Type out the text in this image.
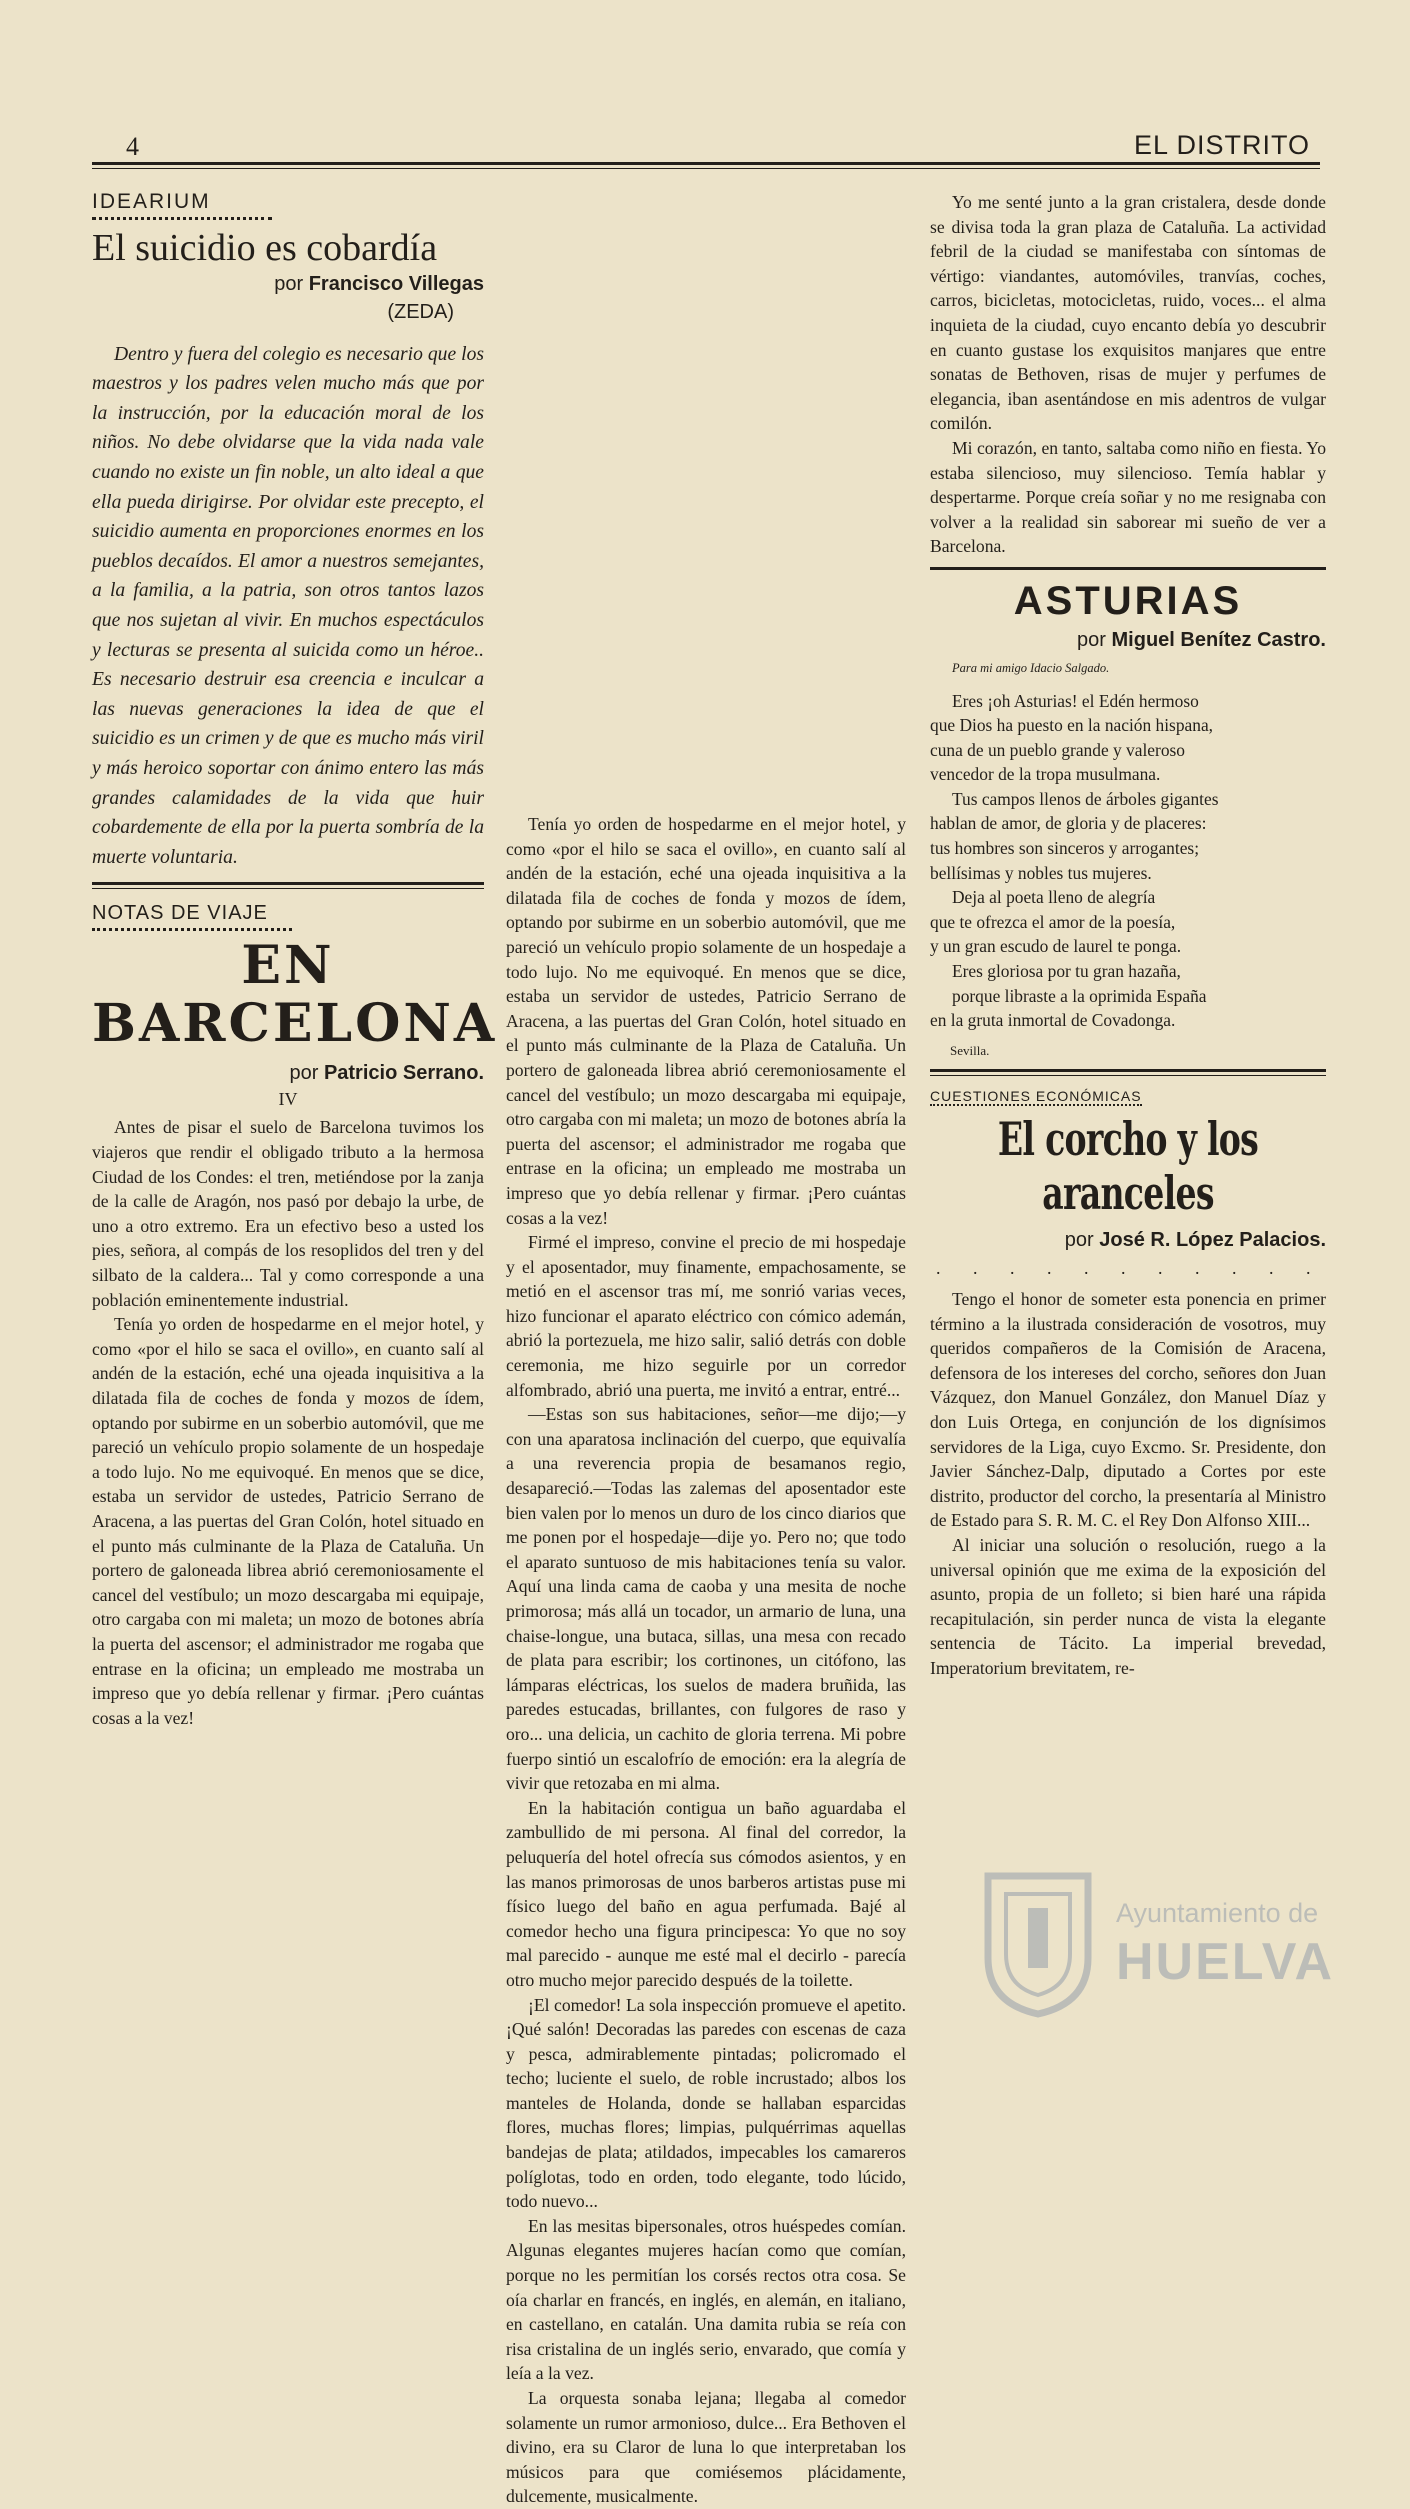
4	EL DISTRITO

IDEARIUM

El suicidio es cobardía

por Francisco Villegas

(ZEDA)

Dentro y fuera del colegio es necesario que los maestros y los padres velen mucho más que por la instrucción, por la educación moral de los niños. No debe olvidarse que la vida nada vale cuando no existe un fin noble, un alto ideal a que ella pueda dirigirse. Por olvidar este precepto, el suicidio aumenta en proporciones enormes en los pueblos decaídos. El amor a nuestros semejantes, a la familia, a la patria, son otros tantos lazos que nos sujetan al vivir. En muchos espectáculos y lecturas se presenta al suicida como un héroe.. Es necesario destruir esa creencia e inculcar a las nuevas generaciones la idea de que el suicidio es un crimen y de que es mucho más viril y más heroico soportar con ánimo entero las más grandes calamidades de la vida que huir cobardemente de ella por la puerta sombría de la muerte voluntaria.

NOTAS DE VIAJE

EN BARCELONA

por Patricio Serrano.

IV

Antes de pisar el suelo de Barcelona tuvimos los viajeros que rendir el obligado tributo a la hermosa Ciudad de los Condes: el tren, metiéndose por la zanja de la calle de Aragón, nos pasó por debajo la urbe, de uno a otro extremo. Era un efectivo beso a usted los pies, señora, al compás de los resoplidos del tren y del silbato de la caldera... Tal y como corresponde a una población eminentemente industrial.

Tenía yo orden de hospedarme en el mejor hotel, y como «por el hilo se saca el ovillo», en cuanto salí al andén de la estación, eché una ojeada inquisitiva a la dilatada fila de coches de fonda y mozos de ídem, optando por subirme en un soberbio automóvil, que me pareció un vehículo propio solamente de un hospedaje a todo lujo. No me equivoqué. En menos que se dice, estaba un servidor de ustedes, Patricio Serrano de Aracena, a las puertas del Gran Colón, hotel situado en el punto más culminante de la Plaza de Cataluña. Un portero de galoneada librea abrió ceremoniosamente el cancel del vestíbulo; un mozo descargaba mi equipaje, otro cargaba con mi maleta; un mozo de botones abría la puerta del ascensor; el administrador me rogaba que entrase en la oficina; un empleado me mostraba un impreso que yo debía rellenar y firmar. ¡Pero cuántas cosas a la vez!

Tenía yo orden de hospedarme en el mejor hotel, y como «por el hilo se saca el ovillo», en cuanto salí al andén de la estación, eché una ojeada inquisitiva a la dilatada fila de coches de fonda y mozos de ídem, optando por subirme en un soberbio automóvil, que me pareció un vehículo propio solamente de un hospedaje a todo lujo. No me equivoqué. En menos que se dice, estaba un servidor de ustedes, Patricio Serrano de Aracena, a las puertas del Gran Colón, hotel situado en el punto más culminante de la Plaza de Cataluña. Un portero de galoneada librea abrió ceremoniosamente el cancel del vestíbulo; un mozo descargaba mi equipaje, otro cargaba con mi maleta; un mozo de botones abría la puerta del ascensor; el administrador me rogaba que entrase en la oficina; un empleado me mostraba un impreso que yo debía rellenar y firmar. ¡Pero cuántas cosas a la vez!

Firmé el impreso, convine el precio de mi hospedaje y el aposentador, muy finamente, empachosamente, se metió en el ascensor tras mí, me sonrió varias veces, hizo funcionar el aparato eléctrico con cómico ademán, abrió la portezuela, me hizo salir, salió detrás con doble ceremonia, me hizo seguirle por un corredor alfombrado, abrió una puerta, me invitó a entrar, entré...

—Estas son sus habitaciones, señor—me dijo;—y con una aparatosa inclinación del cuerpo, que equivalía a una reverencia propia de besamanos regio, desapareció.—Todas las zalemas del aposentador este bien valen por lo menos un duro de los cinco diarios que me ponen por el hospedaje—dije yo. Pero no; que todo el aparato suntuoso de mis habitaciones tenía su valor. Aquí una linda cama de caoba y una mesita de noche primorosa; más allá un tocador, un armario de luna, una chaise-longue, una butaca, sillas, una mesa con recado de plata para escribir; los cortinones, un citófono, las lámparas eléctricas, los suelos de madera bruñida, las paredes estucadas, brillantes, con fulgores de raso y oro... una delicia, un cachito de gloria terrena. Mi pobre fuerpo sintió un escalofrío de emoción: era la alegría de vivir que retozaba en mi alma.

En la habitación contigua un baño aguardaba el zambullido de mi persona. Al final del corredor, la peluquería del hotel ofrecía sus cómodos asientos, y en las manos primorosas de unos barberos artistas puse mi físico luego del baño en agua perfumada. Bajé al comedor hecho una figura principesca: Yo que no soy mal parecido - aunque me esté mal el decirlo - parecía otro mucho mejor parecido después de la toilette.

¡El comedor! La sola inspección promueve el apetito. ¡Qué salón! Decoradas las paredes con escenas de caza y pesca, admirablemente pintadas; policromado el techo; luciente el suelo, de roble incrustado; albos los manteles de Holanda, donde se hallaban esparcidas flores, muchas flores; limpias, pulquérrimas aquellas bandejas de plata; atildados, impecables los camareros políglotas, todo en orden, todo elegante, todo lúcido, todo nuevo...

En las mesitas bipersonales, otros huéspedes comían. Algunas elegantes mujeres hacían como que comían, porque no les permitían los corsés rectos otra cosa. Se oía charlar en francés, en inglés, en alemán, en italiano, en castellano, en catalán. Una damita rubia se reía con risa cristalina de un inglés serio, envarado, que comía y leía a la vez.

La orquesta sonaba lejana; llegaba al comedor solamente un rumor armonioso, dulce... Era Bethoven el divino, era su Claror de luna lo que interpretaban los músicos para que comiésemos plácidamente, dulcemente, musicalmente.

Yo me senté junto a la gran cristalera, desde donde se divisa toda la gran plaza de Cataluña. La actividad febril de la ciudad se manifestaba con síntomas de vértigo: viandantes, automóviles, tranvías, coches, carros, bicicletas, motocicletas, ruido, voces... el alma inquieta de la ciudad, cuyo encanto debía yo descubrir en cuanto gustase los exquisitos manjares que entre sonatas de Bethoven, risas de mujer y perfumes de elegancia, iban asentándose en mis adentros de vulgar comilón.

Mi corazón, en tanto, saltaba como niño en fiesta. Yo estaba silencioso, muy silencioso. Temía hablar y despertarme. Porque creía soñar y no me resignaba con volver a la realidad sin saborear mi sueño de ver a Barcelona.

ASTURIAS

por Miguel Benítez Castro.

Para mi amigo Idacio Salgado.

Eres ¡oh Asturias! el Edén hermoso

que Dios ha puesto en la nación hispana,

cuna de un pueblo grande y valeroso

vencedor de la tropa musulmana.

Tus campos llenos de árboles gigantes

hablan de amor, de gloria y de placeres:

tus hombres son sinceros y arrogantes;

bellísimas y nobles tus mujeres.

Deja al poeta lleno de alegría

que te ofrezca el amor de la poesía,

y un gran escudo de laurel te ponga.

Eres gloriosa por tu gran hazaña,

porque libraste a la oprimida España

en la gruta inmortal de Covadonga.

Sevilla.

CUESTIONES ECONÓMICAS
El corcho y los aranceles

por José R. López Palacios.

. . . . . . . . . . .

Tengo el honor de someter esta ponencia en primer término a la ilustrada consideración de vosotros, muy queridos compañeros de la Comisión de Aracena, defensora de los intereses del corcho, señores don Juan Vázquez, don Manuel González, don Manuel Díaz y don Luis Ortega, en conjunción de los dignísimos servidores de la Liga, cuyo Excmo. Sr. Presidente, don Javier Sánchez-Dalp, diputado a Cortes por este distrito, productor del corcho, la presentaría al Ministro de Estado para S. R. M. C. el Rey Don Alfonso XIII...

Al iniciar una solución o resolución, ruego a la universal opinión que me exima de la exposición del asunto, propia de un folleto; si bien haré una rápida recapitulación, sin perder nunca de vista la elegante sentencia de Tácito. La imperial brevedad, Imperatorium brevitatem, re-

Ayuntamiento de
HUELVA
